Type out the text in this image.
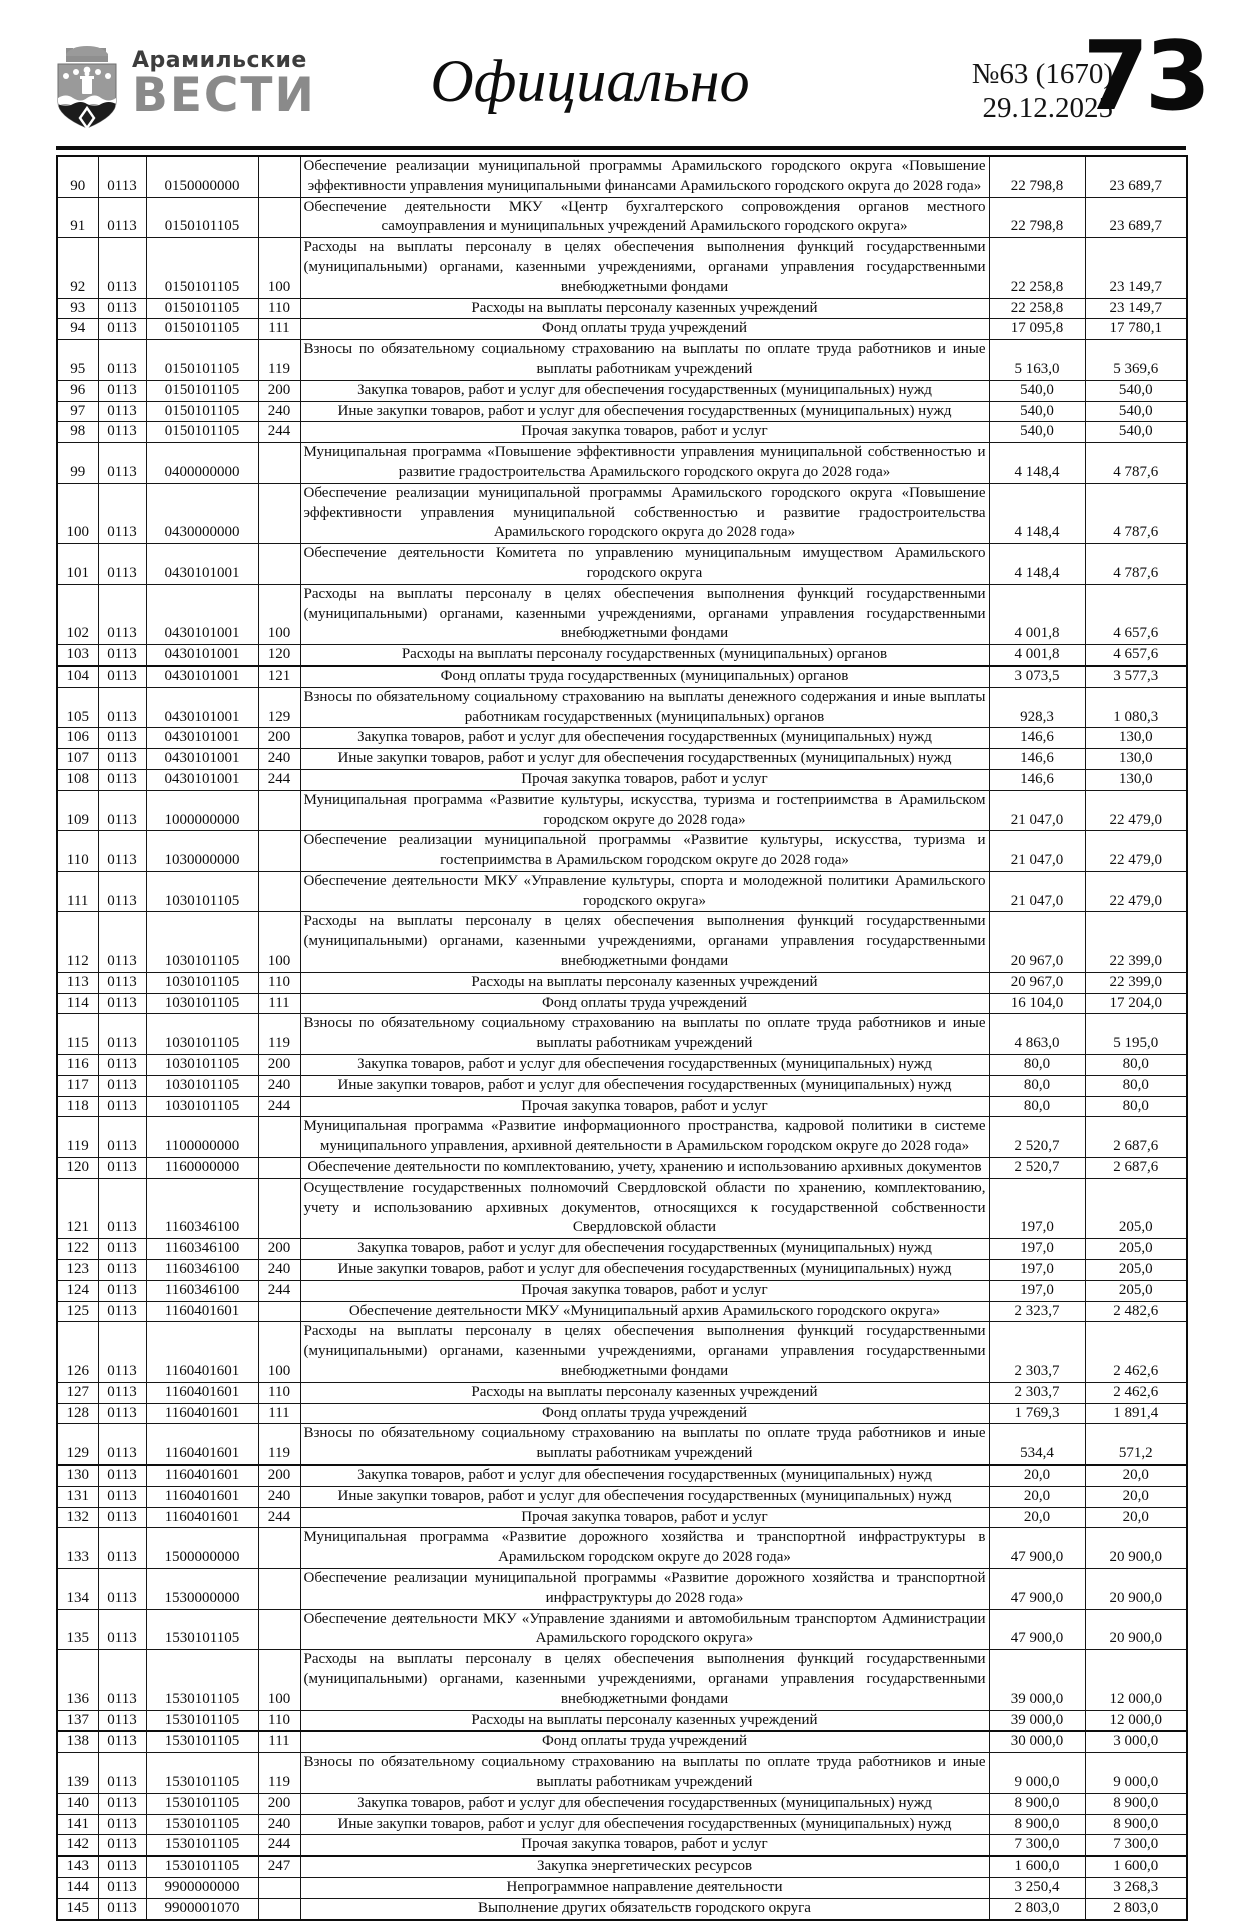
Арамильские
ВЕСТИ	Официально	№63 (1670)
29.12.2025
73
90	0113	0150000000		Обеспечение реализации муниципальной программы Арамильского городского округа «Повышение эффективности управления муниципальными финансами Арамильского городского округа до 2028 года»	22 798,8	23 689,7
91	0113	0150101105		Обеспечение деятельности МКУ «Центр бухгалтерского сопровождения органов местного самоуправления и муниципальных учреждений Арамильского городского округа»	22 798,8	23 689,7
92	0113	0150101105	100	Расходы на выплаты персоналу в целях обеспечения выполнения функций государственными (муниципальными) органами, казенными учреждениями, органами управления государственными внебюджетными фондами	22 258,8	23 149,7
93	0113	0150101105	110	Расходы на выплаты персоналу казенных учреждений	22 258,8	23 149,7
94	0113	0150101105	111	Фонд оплаты труда учреждений	17 095,8	17 780,1
95	0113	0150101105	119	Взносы по обязательному социальному страхованию на выплаты по оплате труда работников и иные выплаты работникам учреждений	5 163,0	5 369,6
96	0113	0150101105	200	Закупка товаров, работ и услуг для обеспечения государственных (муниципальных) нужд	540,0	540,0
97	0113	0150101105	240	Иные закупки товаров, работ и услуг для обеспечения государственных (муниципальных) нужд	540,0	540,0
98	0113	0150101105	244	Прочая закупка товаров, работ и услуг	540,0	540,0
99	0113	0400000000		Муниципальная программа «Повышение эффективности управления муниципальной собственностью и развитие градостроительства Арамильского городского округа до 2028 года»	4 148,4	4 787,6
100	0113	0430000000		Обеспечение реализации муниципальной программы Арамильского городского округа «Повышение эффективности управления муниципальной собственностью и развитие градостроительства Арамильского городского округа до 2028 года»	4 148,4	4 787,6
101	0113	0430101001		Обеспечение деятельности Комитета по управлению муниципальным имуществом Арамильского городского округа	4 148,4	4 787,6
102	0113	0430101001	100	Расходы на выплаты персоналу в целях обеспечения выполнения функций государственными (муниципальными) органами, казенными учреждениями, органами управления государственными внебюджетными фондами	4 001,8	4 657,6
103	0113	0430101001	120	Расходы на выплаты персоналу государственных (муниципальных) органов	4 001,8	4 657,6
104	0113	0430101001	121	Фонд оплаты труда государственных (муниципальных) органов	3 073,5	3 577,3
105	0113	0430101001	129	Взносы по обязательному социальному страхованию на выплаты денежного содержания и иные выплаты работникам государственных (муниципальных) органов	928,3	1 080,3
106	0113	0430101001	200	Закупка товаров, работ и услуг для обеспечения государственных (муниципальных) нужд	146,6	130,0
107	0113	0430101001	240	Иные закупки товаров, работ и услуг для обеспечения государственных (муниципальных) нужд	146,6	130,0
108	0113	0430101001	244	Прочая закупка товаров, работ и услуг	146,6	130,0
109	0113	1000000000		Муниципальная программа «Развитие культуры, искусства, туризма и гостеприимства в Арамильском городском округе до 2028 года»	21 047,0	22 479,0
110	0113	1030000000		Обеспечение реализации муниципальной программы «Развитие культуры, искусства, туризма и гостеприимства в Арамильском городском округе до 2028 года»	21 047,0	22 479,0
111	0113	1030101105		Обеспечение деятельности МКУ «Управление культуры, спорта и молодежной политики Арамильского городского округа»	21 047,0	22 479,0
112	0113	1030101105	100	Расходы на выплаты персоналу в целях обеспечения выполнения функций государственными (муниципальными) органами, казенными учреждениями, органами управления государственными внебюджетными фондами	20 967,0	22 399,0
113	0113	1030101105	110	Расходы на выплаты персоналу казенных учреждений	20 967,0	22 399,0
114	0113	1030101105	111	Фонд оплаты труда учреждений	16 104,0	17 204,0
115	0113	1030101105	119	Взносы по обязательному социальному страхованию на выплаты по оплате труда работников и иные выплаты работникам учреждений	4 863,0	5 195,0
116	0113	1030101105	200	Закупка товаров, работ и услуг для обеспечения государственных (муниципальных) нужд	80,0	80,0
117	0113	1030101105	240	Иные закупки товаров, работ и услуг для обеспечения государственных (муниципальных) нужд	80,0	80,0
118	0113	1030101105	244	Прочая закупка товаров, работ и услуг	80,0	80,0
119	0113	1100000000		Муниципальная программа «Развитие информационного пространства, кадровой политики в системе муниципального управления, архивной деятельности в Арамильском городском округе до 2028 года»	2 520,7	2 687,6
120	0113	1160000000		Обеспечение деятельности по комплектованию, учету, хранению и использованию архивных документов	2 520,7	2 687,6
121	0113	1160346100		Осуществление государственных полномочий Свердловской области по хранению, комплектованию, учету и использованию архивных документов, относящихся к государственной собственности Свердловской области	197,0	205,0
122	0113	1160346100	200	Закупка товаров, работ и услуг для обеспечения государственных (муниципальных) нужд	197,0	205,0
123	0113	1160346100	240	Иные закупки товаров, работ и услуг для обеспечения государственных (муниципальных) нужд	197,0	205,0
124	0113	1160346100	244	Прочая закупка товаров, работ и услуг	197,0	205,0
125	0113	1160401601		Обеспечение деятельности МКУ «Муниципальный архив Арамильского городского округа»	2 323,7	2 482,6
126	0113	1160401601	100	Расходы на выплаты персоналу в целях обеспечения выполнения функций государственными (муниципальными) органами, казенными учреждениями, органами управления государственными внебюджетными фондами	2 303,7	2 462,6
127	0113	1160401601	110	Расходы на выплаты персоналу казенных учреждений	2 303,7	2 462,6
128	0113	1160401601	111	Фонд оплаты труда учреждений	1 769,3	1 891,4
129	0113	1160401601	119	Взносы по обязательному социальному страхованию на выплаты по оплате труда работников и иные выплаты работникам учреждений	534,4	571,2
130	0113	1160401601	200	Закупка товаров, работ и услуг для обеспечения государственных (муниципальных) нужд	20,0	20,0
131	0113	1160401601	240	Иные закупки товаров, работ и услуг для обеспечения государственных (муниципальных) нужд	20,0	20,0
132	0113	1160401601	244	Прочая закупка товаров, работ и услуг	20,0	20,0
133	0113	1500000000		Муниципальная программа «Развитие дорожного хозяйства и транспортной инфраструктуры в Арамильском городском округе до 2028 года»	47 900,0	20 900,0
134	0113	1530000000		Обеспечение реализации муниципальной программы «Развитие дорожного хозяйства и транспортной инфраструктуры до 2028 года»	47 900,0	20 900,0
135	0113	1530101105		Обеспечение деятельности МКУ «Управление зданиями и автомобильным транспортом Администрации Арамильского городского округа»	47 900,0	20 900,0
136	0113	1530101105	100	Расходы на выплаты персоналу в целях обеспечения выполнения функций государственными (муниципальными) органами, казенными учреждениями, органами управления государственными внебюджетными фондами	39 000,0	12 000,0
137	0113	1530101105	110	Расходы на выплаты персоналу казенных учреждений	39 000,0	12 000,0
138	0113	1530101105	111	Фонд оплаты труда учреждений	30 000,0	3 000,0
139	0113	1530101105	119	Взносы по обязательному социальному страхованию на выплаты по оплате труда работников и иные выплаты работникам учреждений	9 000,0	9 000,0
140	0113	1530101105	200	Закупка товаров, работ и услуг для обеспечения государственных (муниципальных) нужд	8 900,0	8 900,0
141	0113	1530101105	240	Иные закупки товаров, работ и услуг для обеспечения государственных (муниципальных) нужд	8 900,0	8 900,0
142	0113	1530101105	244	Прочая закупка товаров, работ и услуг	7 300,0	7 300,0
143	0113	1530101105	247	Закупка энергетических ресурсов	1 600,0	1 600,0
144	0113	9900000000		Непрограммное направление деятельности	3 250,4	3 268,3
145	0113	9900001070		Выполнение других обязательств городского округа	2 803,0	2 803,0
